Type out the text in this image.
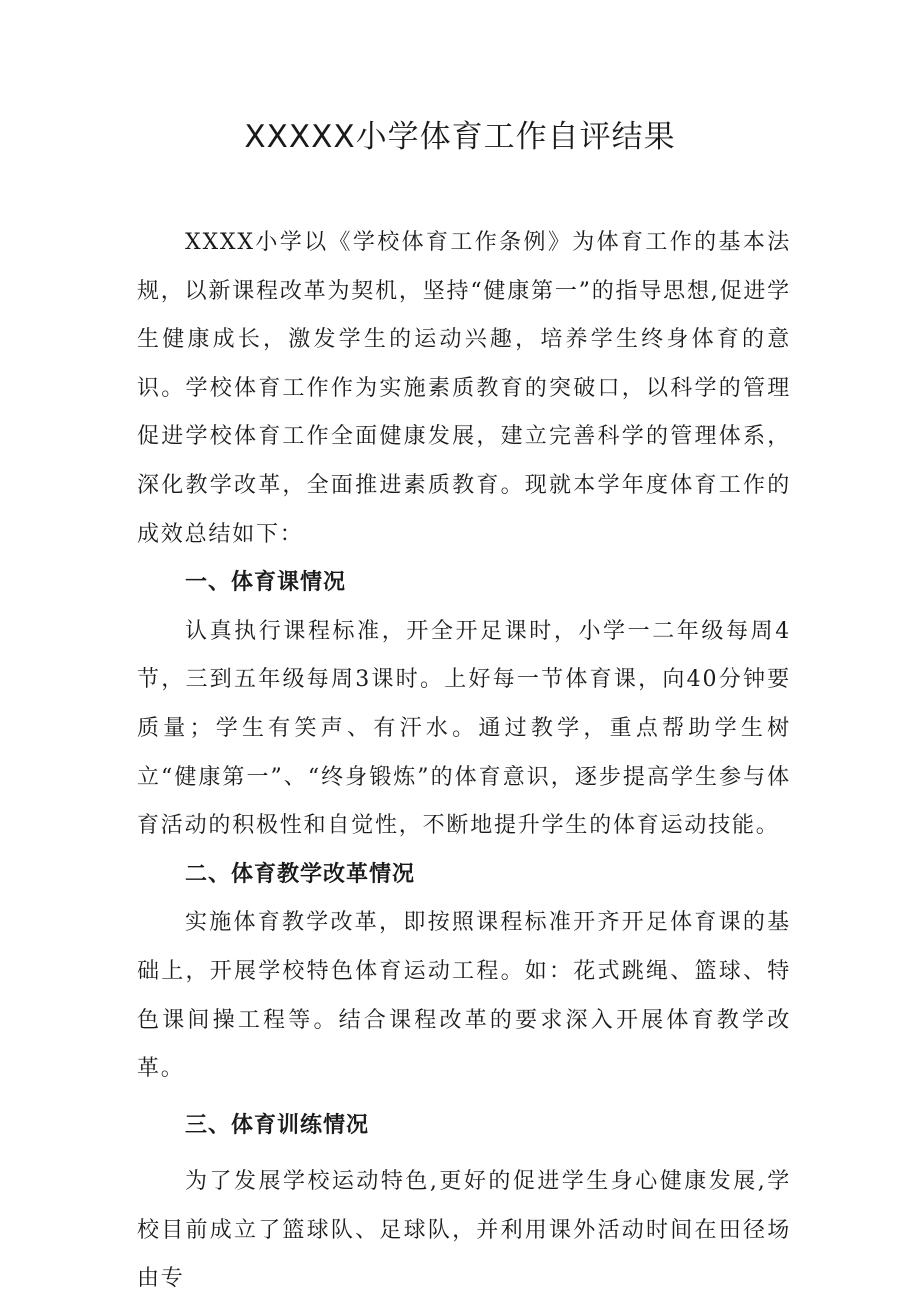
XXXXX小学体育工作自评结果

XXXX小学以《学校体育工作条例》为体育工作的基本法规，以新课程改革为契机，坚持“健康第一”的指导思想,促进学生健康成长，激发学生的运动兴趣，培养学生终身体育的意识。学校体育工作作为实施素质教育的突破口，以科学的管理促进学校体育工作全面健康发展，建立完善科学的管理体系，深化教学改革，全面推进素质教育。现就本学年度体育工作的成效总结如下：

一、体育课情况

认真执行课程标准，开全开足课时，小学一二年级每周4节，三到五年级每周3课时。上好每一节体育课，向40分钟要质量；学生有笑声、有汗水。通过教学，重点帮助学生树立“健康第一”、“终身锻炼”的体育意识，逐步提高学生参与体育活动的积极性和自觉性，不断地提升学生的体育运动技能。

二、体育教学改革情况

实施体育教学改革，即按照课程标准开齐开足体育课的基础上，开展学校特色体育运动工程。如：花式跳绳、篮球、特色课间操工程等。结合课程改革的要求深入开展体育教学改革。

三、体育训练情况

为了发展学校运动特色,更好的促进学生身心健康发展,学校目前成立了篮球队、足球队，并利用课外活动时间在田径场由专
